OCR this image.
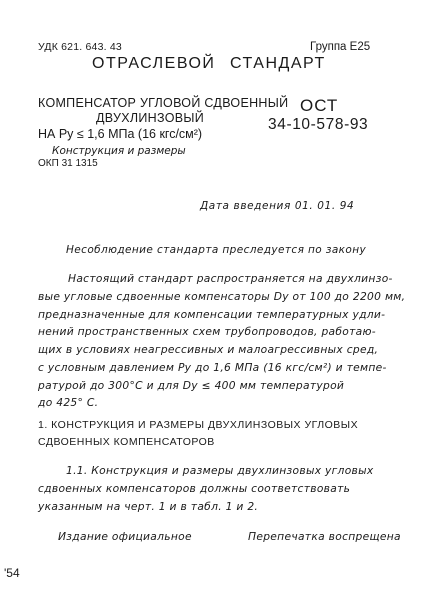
УДК 621. 643. 43	Группа Е25
ОТРАСЛЕВОЙ СТАНДАРТ
КОМПЕНСАТОР УГЛОВОЙ СДВОЕННЫЙ
ДВУХЛИНЗОВЫЙ
НА Ру ≤ 1,6 МПа (16 кгс/см²)
Конструкция и размеры
ОКП 31 1315
ОСТ
34-10-578-93
Дата введения 01. 01. 94
Несоблюдение стандарта преследуется по закону
Настоящий стандарт распространяется на двухлинзо-
вые угловые сдвоенные компенсаторы Dy от 100 до 2200 мм,
предназначенные для компенсации температурных удли-
нений пространственных схем трубопроводов, работаю-
щих в условиях неагрессивных и малоагрессивных сред,
с условным давлением Ру до 1,6 МПа (16 кгс/см²) и темпе-
ратурой до 300°С и для Dy ≤ 400 мм температурой
до 425° С.
1. КОНСТРУКЦИЯ И РАЗМЕРЫ ДВУХЛИНЗОВЫХ УГЛОВЫХ
СДВОЕННЫХ КОМПЕНСАТОРОВ
1.1. Конструкция и размеры двухлинзовых угловых
сдвоенных компенсаторов должны соответствовать
указанным на черт. 1 и в табл. 1 и 2.
Издание официальное	Перепечатка воспрещена
'54
